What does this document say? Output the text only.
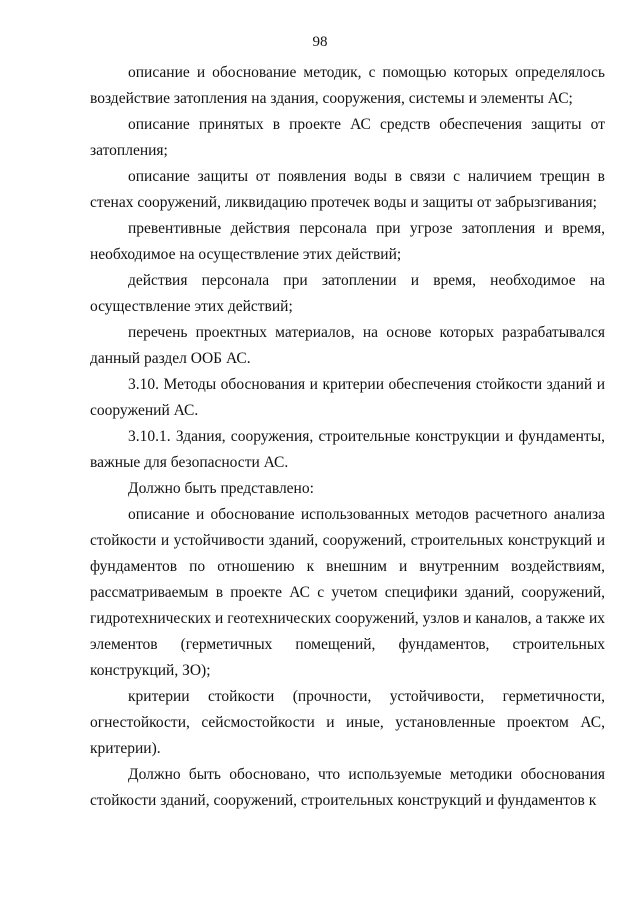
98

описание и обоснование методик, с помощью которых определялось воздействие затопления на здания, сооружения, системы и элементы АС;

описание принятых в проекте АС средств обеспечения защиты от затопления;

описание защиты от появления воды в связи с наличием трещин в стенах сооружений, ликвидацию протечек воды и защиты от забрызгивания;

превентивные действия персонала при угрозе затопления и время, необходимое на осуществление этих действий;

действия персонала при затоплении и время, необходимое на осуществление этих действий;

перечень проектных материалов, на основе которых разрабатывался данный раздел ООБ АС.

3.10. Методы обоснования и критерии обеспечения стойкости зданий и сооружений АС.

3.10.1. Здания, сооружения, строительные конструкции и фундаменты, важные для безопасности АС.

Должно быть представлено:

описание и обоснование использованных методов расчетного анализа стойкости и устойчивости зданий, сооружений, строительных конструкций и фундаментов по отношению к внешним и внутренним воздействиям, рассматриваемым в проекте АС с учетом специфики зданий, сооружений, гидротехнических и геотехнических сооружений, узлов и каналов, а также их элементов (герметичных помещений, фундаментов, строительных конструкций, ЗО);

критерии стойкости (прочности, устойчивости, герметичности, огнестойкости, сейсмостойкости и иные, установленные проектом АС, критерии).

Должно быть обосновано, что используемые методики обоснования стойкости зданий, сооружений, строительных конструкций и фундаментов к
